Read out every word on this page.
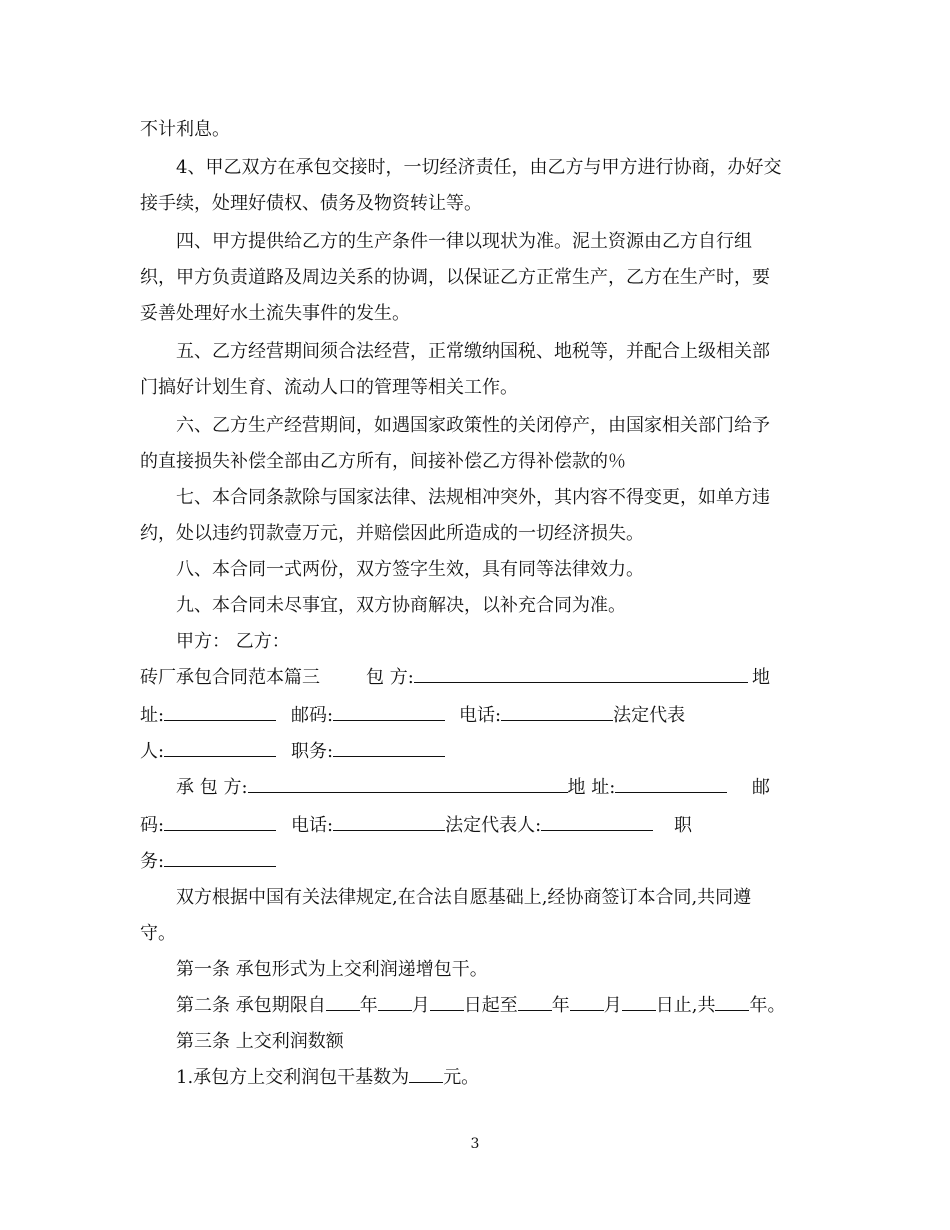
不计利息。
4、甲乙双方在承包交接时，一切经济责任，由乙方与甲方进行协商，办好交
接手续，处理好债权、债务及物资转让等。
四、甲方提供给乙方的生产条件一律以现状为准。泥土资源由乙方自行组
织，甲方负责道路及周边关系的协调，以保证乙方正常生产，乙方在生产时，要
妥善处理好水土流失事件的发生。
五、乙方经营期间须合法经营，正常缴纳国税、地税等，并配合上级相关部
门搞好计划生育、流动人口的管理等相关工作。
六、乙方生产经营期间，如遇国家政策性的关闭停产，由国家相关部门给予
的直接损失补偿全部由乙方所有，间接补偿乙方得补偿款的％
七、本合同条款除与国家法律、法规相冲突外，其内容不得变更，如单方违
约，处以违约罚款壹万元，并赔偿因此所造成的一切经济损失。
八、本合同一式两份，双方签字生效，具有同等法律效力。
九、本合同未尽事宜，双方协商解决，以补充合同为准。
甲方： 乙方：
砖厂承包合同范本篇三	包 方:	地
址:	邮码:	电话:	法定代表
人:	职务:
承 包 方:	地 址:	邮
码:	电话:	法定代表人:	职
务:
双方根据中国有关法律规定,在合法自愿基础上,经协商签订本合同,共同遵
守。
第一条 承包形式为上交利润递增包干。
第二条 承包期限自 年 月 日起至 年 月 日止,共 年。
第三条 上交利润数额
1.承包方上交利润包干基数为 元。
3
